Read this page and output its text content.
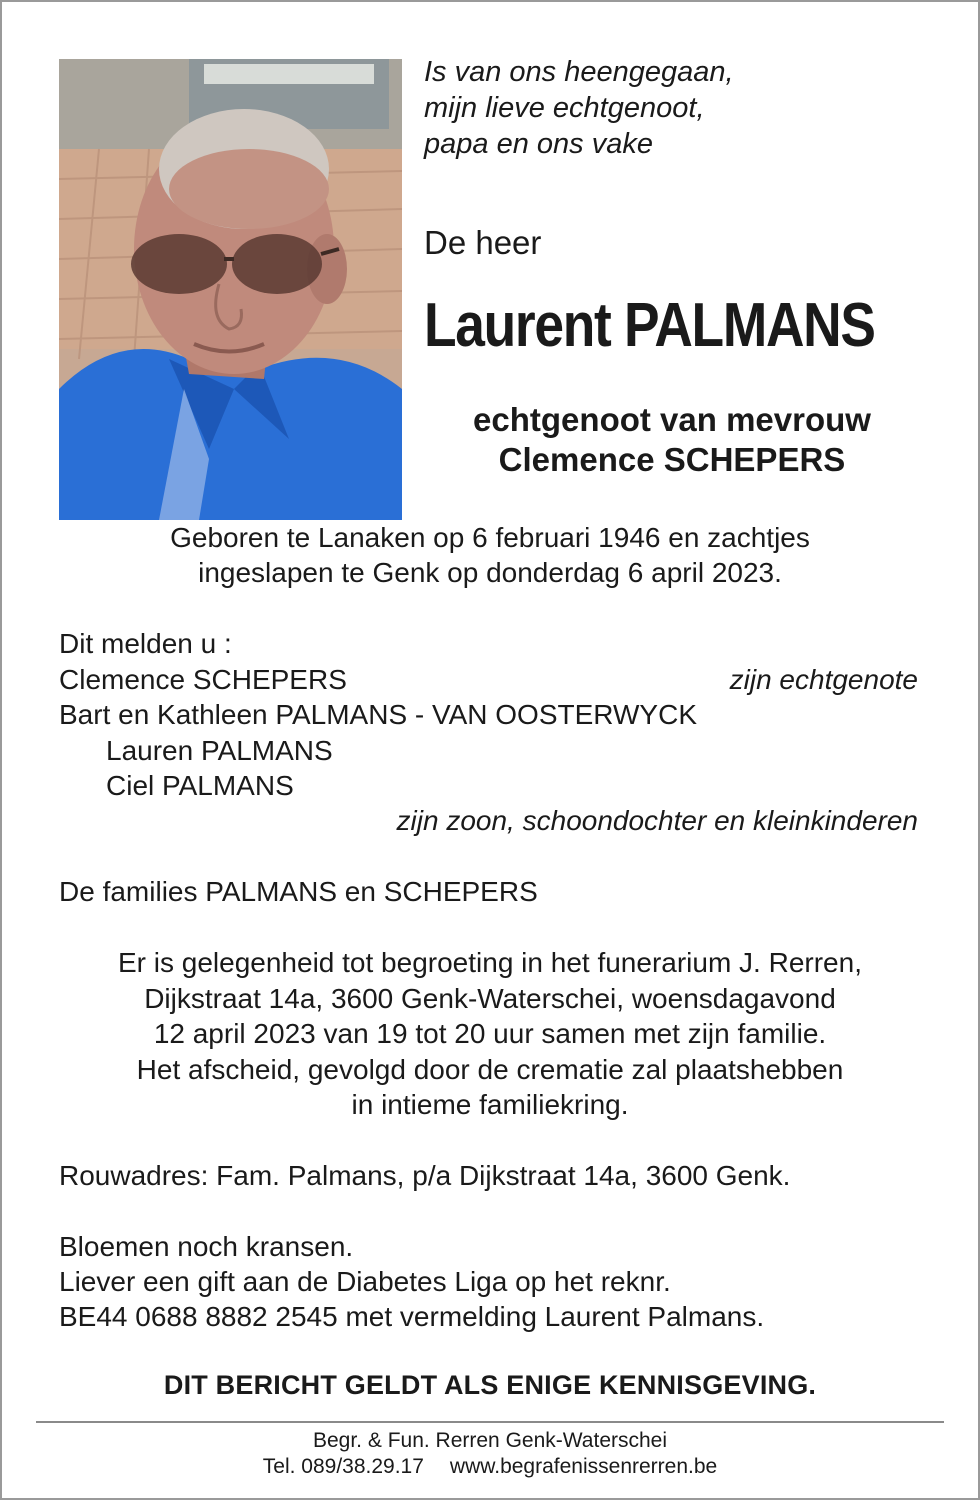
Is van ons heengegaan,
mijn lieve echtgenoot,
papa en ons vake
De heer
Laurent PALMANS
echtgenoot van mevrouw
Clemence SCHEPERS
Geboren te Lanaken op 6 februari 1946 en zachtjes
ingeslapen te Genk op donderdag 6 april 2023.
Dit melden u :
Clemence SCHEPERS	zijn echtgenote
Bart en Kathleen PALMANS - VAN OOSTERWYCK
Lauren PALMANS
Ciel PALMANS
zijn zoon, schoondochter en kleinkinderen
De families PALMANS en SCHEPERS
Er is gelegenheid tot begroeting in het funerarium J. Rerren,
Dijkstraat 14a, 3600 Genk-Waterschei, woensdagavond
12 april 2023 van 19 tot 20 uur samen met zijn familie.
Het afscheid, gevolgd door de crematie zal plaatshebben
in intieme familiekring.
Rouwadres: Fam. Palmans, p/a Dijkstraat 14a, 3600 Genk.
Bloemen noch kransen.
Liever een gift aan de Diabetes Liga op het reknr.
BE44 0688 8882 2545 met vermelding Laurent Palmans.
DIT BERICHT GELDT ALS ENIGE KENNISGEVING.
Begr. & Fun. Rerren Genk-Waterschei
Tel. 089/38.29.17 www.begrafenissenrerren.be
